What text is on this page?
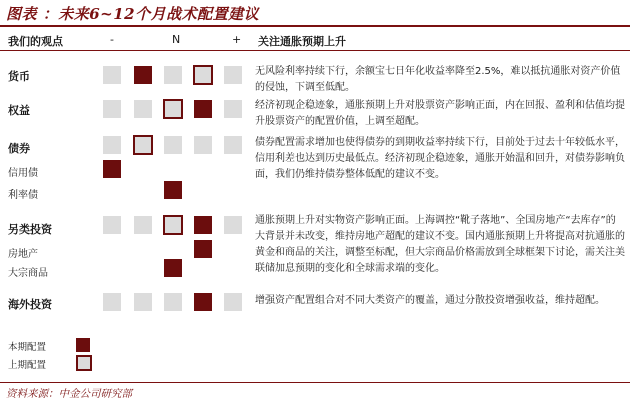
图表 ：未来6~12个月战术配置建议
我们的观点	-	N	+ 关注通胀预期上升
货币	无风险利率持续下行，余额宝七日年化收益率降至2.5%，难以抵抗通胀对资产价值的侵蚀，下调至低配。
权益	经济初现企稳迹象，通胀预期上升对股票资产影响正面，内在回报、盈利和估值均提升股票资产的配置价值，上调至超配。
债券	债券配置需求增加也使得债券的到期收益率持续下行，目前处于过去十年较低水平，信用利差也达到历史最低点。经济初现企稳迹象，通胀开始温和回升，对债券影响负面，我们仍维持债券整体低配的建议不变。
信用债
利率债
另类投资
通胀预期上升对实物资产影响正面。上海调控“靴子落地”、全国房地产“去库存”的大背景并未改变，维持房地产超配的建议不变。国内通胀预期上升将提高对抗通胀的黄金和商品的关注，调整至标配，但大宗商品价格需放到全球框架下讨论，需关注美联储加息预期的变化和全球需求端的变化。
房地产
大宗商品
海外投资	增强资产配置组合对不同大类资产的覆盖，通过分散投资增强收益，维持超配。
本期配置
上期配置
资料来源：中金公司研究部
